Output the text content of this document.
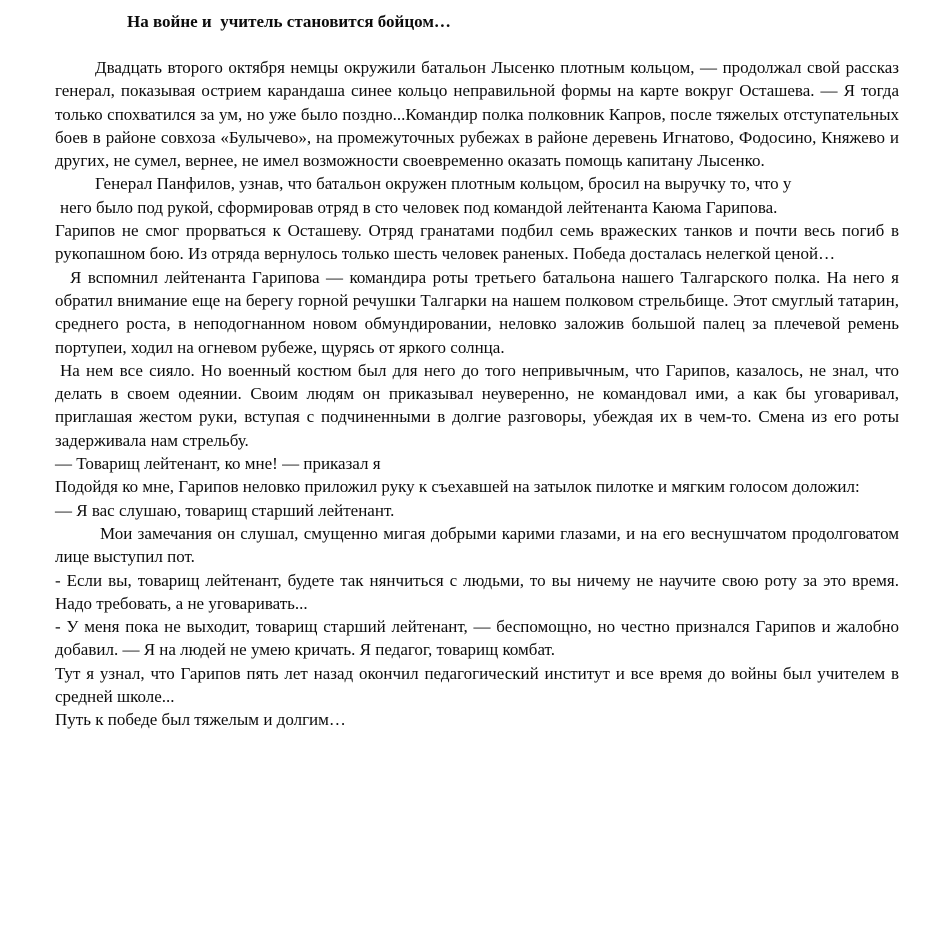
На войне и  учитель становится бойцом…

Двадцать второго октября немцы окружили батальон Лысенко плотным кольцом, — продолжал свой рассказ генерал, показывая острием карандаша синее кольцо неправильной формы на карте вокруг Осташева. — Я тогда только спохватился за ум, но уже было поздно...Командир полка полковник Капров, после тяжелых отступательных боев в районе совхоза «Булычево», на промежуточных рубежах в районе деревень Игнатово, Фодосино, Княжево и других, не сумел, вернее, не имел возможности своевременно оказать помощь капитану Лысенко.

Генерал Панфилов, узнав, что батальон окружен плотным кольцом, бросил на выручку то, что у

него было под рукой, сформировав отряд в сто человек под командой лейтенанта Каюма Гарипова.

Гарипов не смог прорваться к Осташеву. Отряд гранатами подбил семь вражеских танков и почти весь погиб в рукопашном бою. Из отряда вернулось только шесть человек раненых. Победа досталась нелегкой ценой…

Я вспомнил лейтенанта Гарипова — командира роты третьего батальона нашего Талгарского полка. На него я обратил внимание еще на берегу горной речушки Талгарки на нашем полковом стрельбище. Этот смуглый татарин, среднего роста, в неподогнанном новом обмундировании, неловко заложив большой палец за плечевой ремень портупеи, ходил на огневом рубеже, щурясь от яркого солнца.

На нем все сияло. Но военный костюм был для него до того непривычным, что Гарипов, казалось, не знал, что делать в своем одеянии. Своим людям он приказывал неуверенно, не командовал ими, а как бы уговаривал, приглашая жестом руки, вступая с подчиненными в долгие разговоры, убеждая их в чем-то. Смена из его роты задерживала нам стрельбу.

— Товарищ лейтенант, ко мне! — приказал я

Подойдя ко мне, Гарипов неловко приложил руку к съехавшей на затылок пилотке и мягким голосом доложил:

— Я вас слушаю, товарищ старший лейтенант.

Мои замечания он слушал, смущенно мигая добрыми карими глазами, и на его веснушчатом продолговатом лице выступил пот.

- Если вы, товарищ лейтенант, будете так нянчиться с людьми, то вы ничему не научите свою роту за это время. Надо требовать, а не уговаривать...

- У меня пока не выходит, товарищ старший лейтенант, — беспомощно, но честно признался Гарипов и жалобно добавил. — Я на людей не умею кричать. Я педагог, товарищ комбат.

Тут я узнал, что Гарипов пять лет назад окончил педагогический институт и все время до войны был учителем в средней школе...

Путь к победе был тяжелым и долгим…
